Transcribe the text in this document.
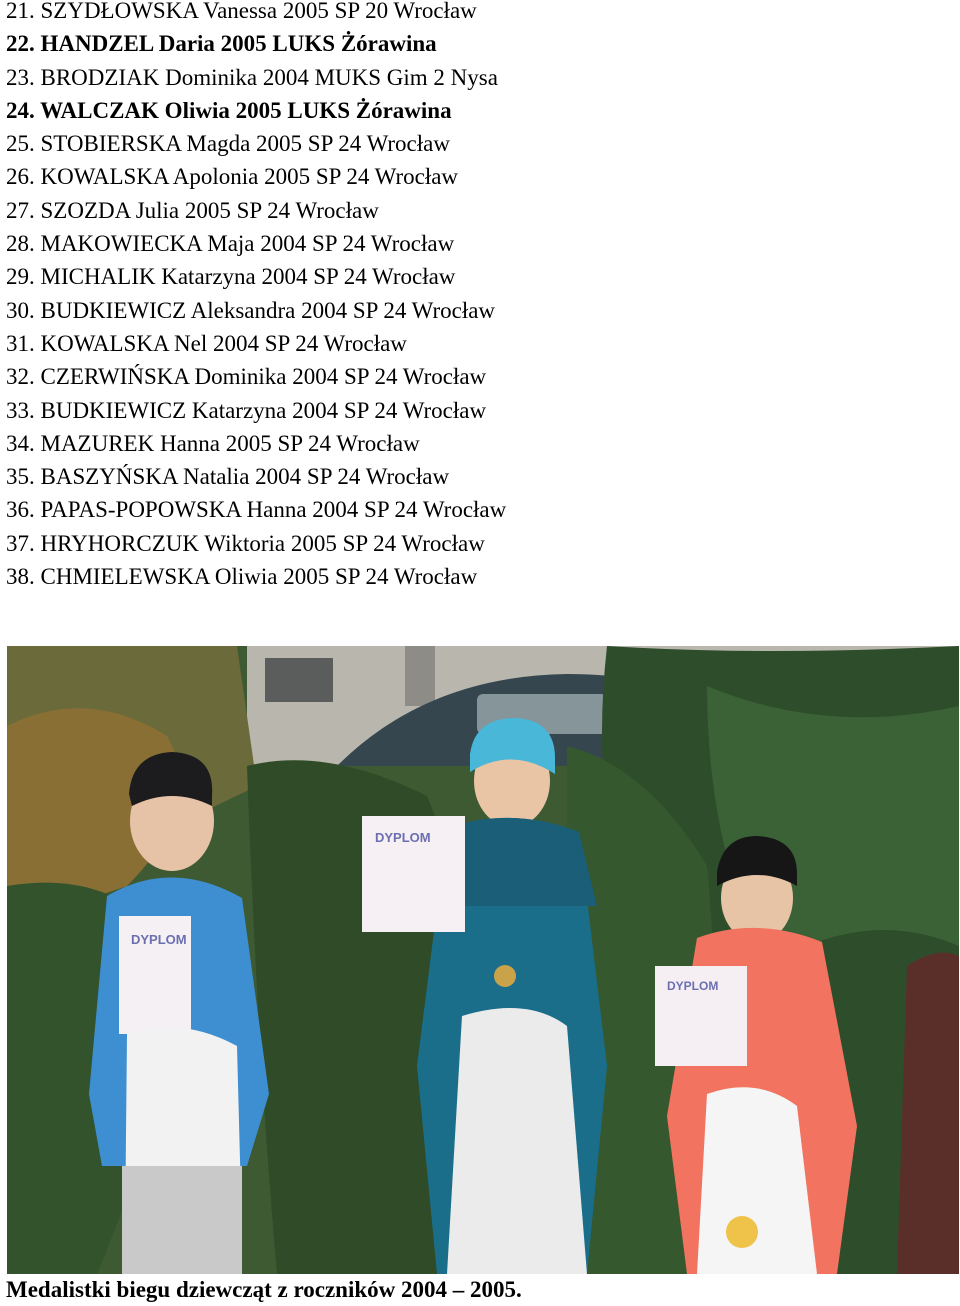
21. SZYDŁOWSKA Vanessa 2005 SP 20 Wrocław
22. HANDZEL Daria 2005 LUKS Żórawina
23. BRODZIAK Dominika 2004 MUKS Gim 2 Nysa
24. WALCZAK Oliwia 2005 LUKS Żórawina
25. STOBIERSKA Magda 2005 SP 24 Wrocław
26. KOWALSKA Apolonia 2005 SP 24 Wrocław
27. SZOZDA Julia 2005 SP 24 Wrocław
28. MAKOWIECKA Maja 2004 SP 24 Wrocław
29. MICHALIK Katarzyna 2004 SP 24 Wrocław
30. BUDKIEWICZ Aleksandra 2004 SP 24 Wrocław
31. KOWALSKA Nel 2004 SP 24 Wrocław
32. CZERWIŃSKA Dominika 2004 SP 24 Wrocław
33. BUDKIEWICZ Katarzyna 2004 SP 24 Wrocław
34. MAZUREK Hanna 2005 SP 24 Wrocław
35. BASZYŃSKA Natalia 2004 SP 24 Wrocław
36. PAPAS-POPOWSKA Hanna 2004 SP 24 Wrocław
37. HRYHORCZUK Wiktoria 2005 SP 24 Wrocław
38. CHMIELEWSKA Oliwia 2005 SP 24 Wrocław
DYPLOM
DYPLOM
DYPLOM
Medalistki biegu dziewcząt z roczników 2004 – 2005.
